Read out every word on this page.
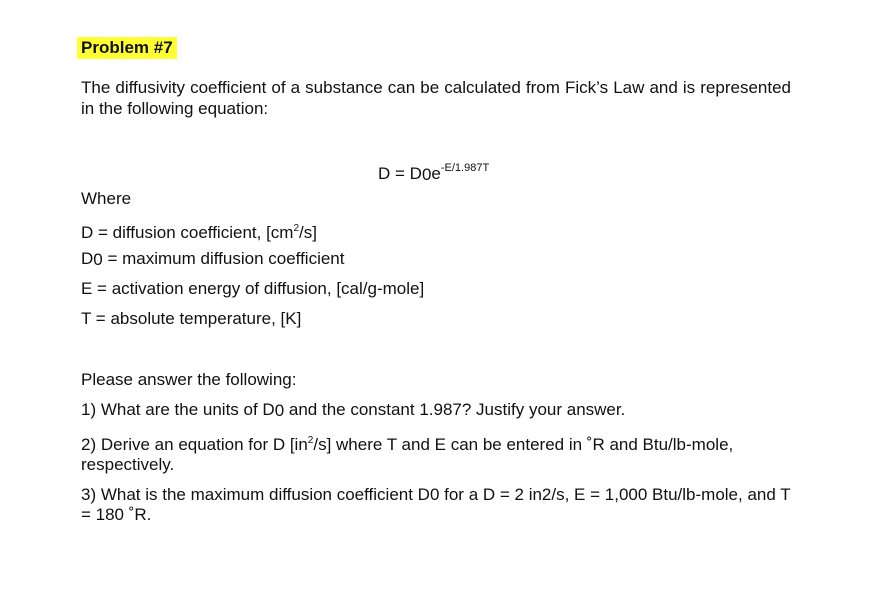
Problem #7
The diffusivity coefficient of a substance can be calculated from Fick’s Law and is represented in the following equation:
$D = D_0e^{-E/1.987T}$
Where
D = diffusion coefficient, $[cm^2/s]$
$D_0$ = maximum diffusion coefficient
E = activation energy of diffusion, [cal/g-mole]
T = absolute temperature, [K]
Please answer the following:
1) What are the units of $D_0$ and the constant 1.987? Justify your answer.
2) Derive an equation for D $[in^2/s]$ where T and E can be entered in ˚R and Btu/lb-mole, respectively.
3) What is the maximum diffusion coefficient D0 for a D = 2 in2/s, E = 1,000 Btu/lb-mole, and T = 180 ˚R.
